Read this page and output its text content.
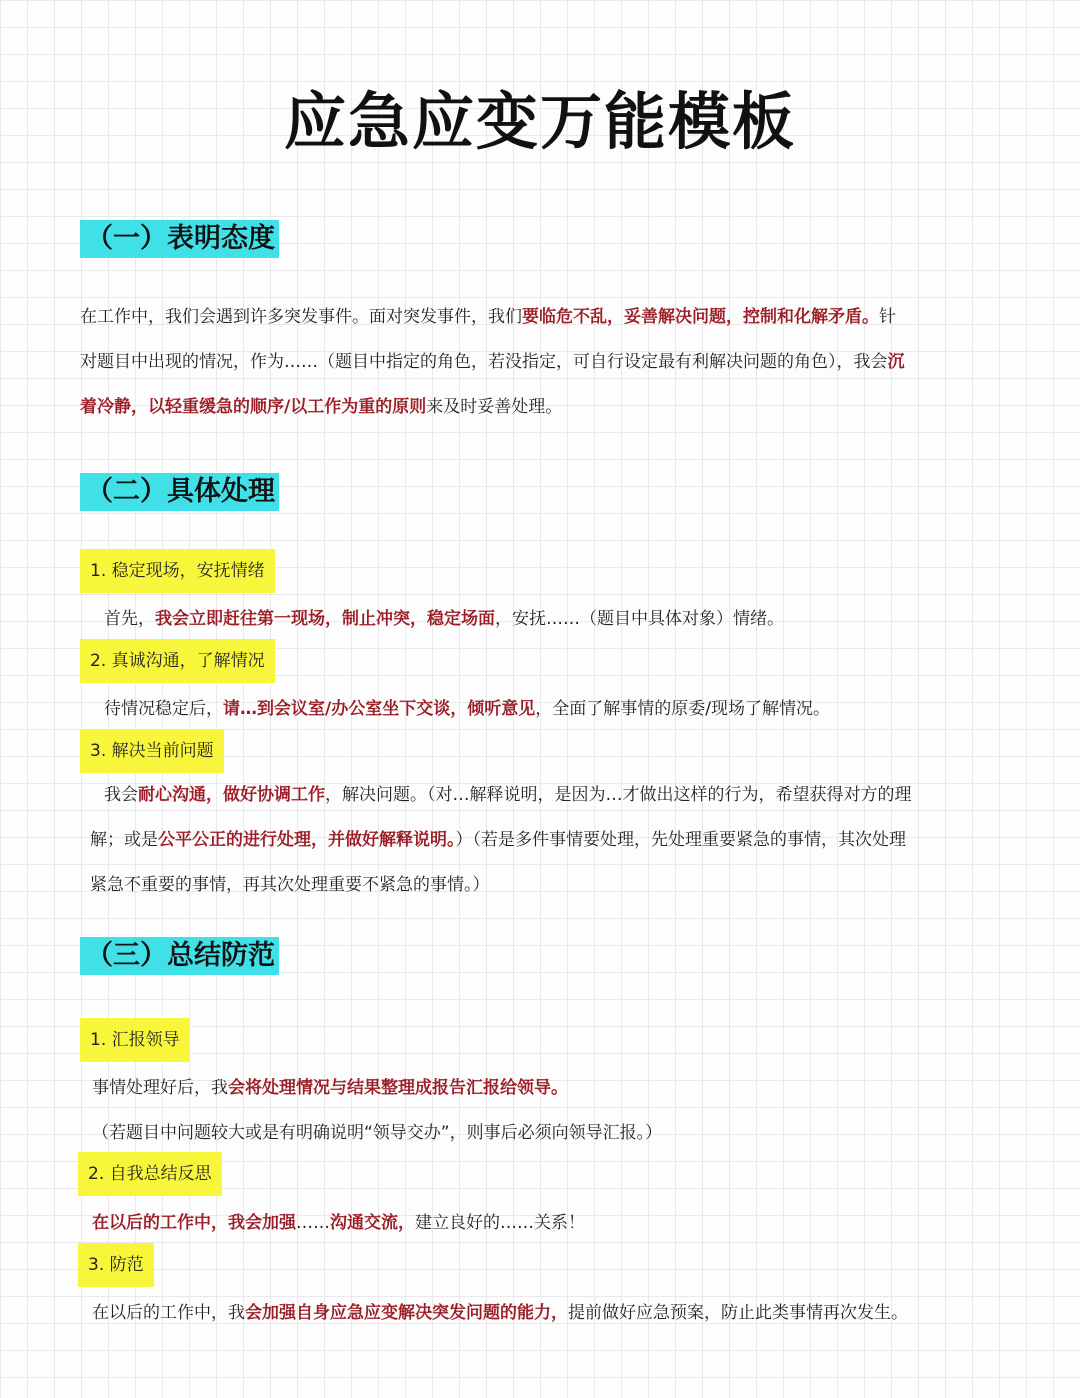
应急应变万能模板
（一）表明态度
在工作中，我们会遇到许多突发事件。面对突发事件，我们要临危不乱，妥善解决问题，控制和化解矛盾。针
对题目中出现的情况，作为……（题目中指定的角色，若没指定，可自行设定最有利解决问题的角色），我会沉
着冷静，以轻重缓急的顺序/以工作为重的原则来及时妥善处理。
（二）具体处理
1. 稳定现场，安抚情绪
首先，我会立即赶往第一现场，制止冲突，稳定场面，安抚……（题目中具体对象）情绪。
2. 真诚沟通，了解情况
待情况稳定后，请…到会议室/办公室坐下交谈，倾听意见，全面了解事情的原委/现场了解情况。
3. 解决当前问题
我会耐心沟通，做好协调工作，解决问题。（对…解释说明，是因为…才做出这样的行为，希望获得对方的理
解；或是公平公正的进行处理，并做好解释说明。）（若是多件事情要处理，先处理重要紧急的事情，其次处理
紧急不重要的事情，再其次处理重要不紧急的事情。）
（三）总结防范
1. 汇报领导
事情处理好后，我会将处理情况与结果整理成报告汇报给领导。
（若题目中问题较大或是有明确说明“领导交办”，则事后必须向领导汇报。）
2. 自我总结反思
在以后的工作中，我会加强……沟通交流，建立良好的……关系！
3. 防范
在以后的工作中，我会加强自身应急应变解决突发问题的能力，提前做好应急预案，防止此类事情再次发生。
